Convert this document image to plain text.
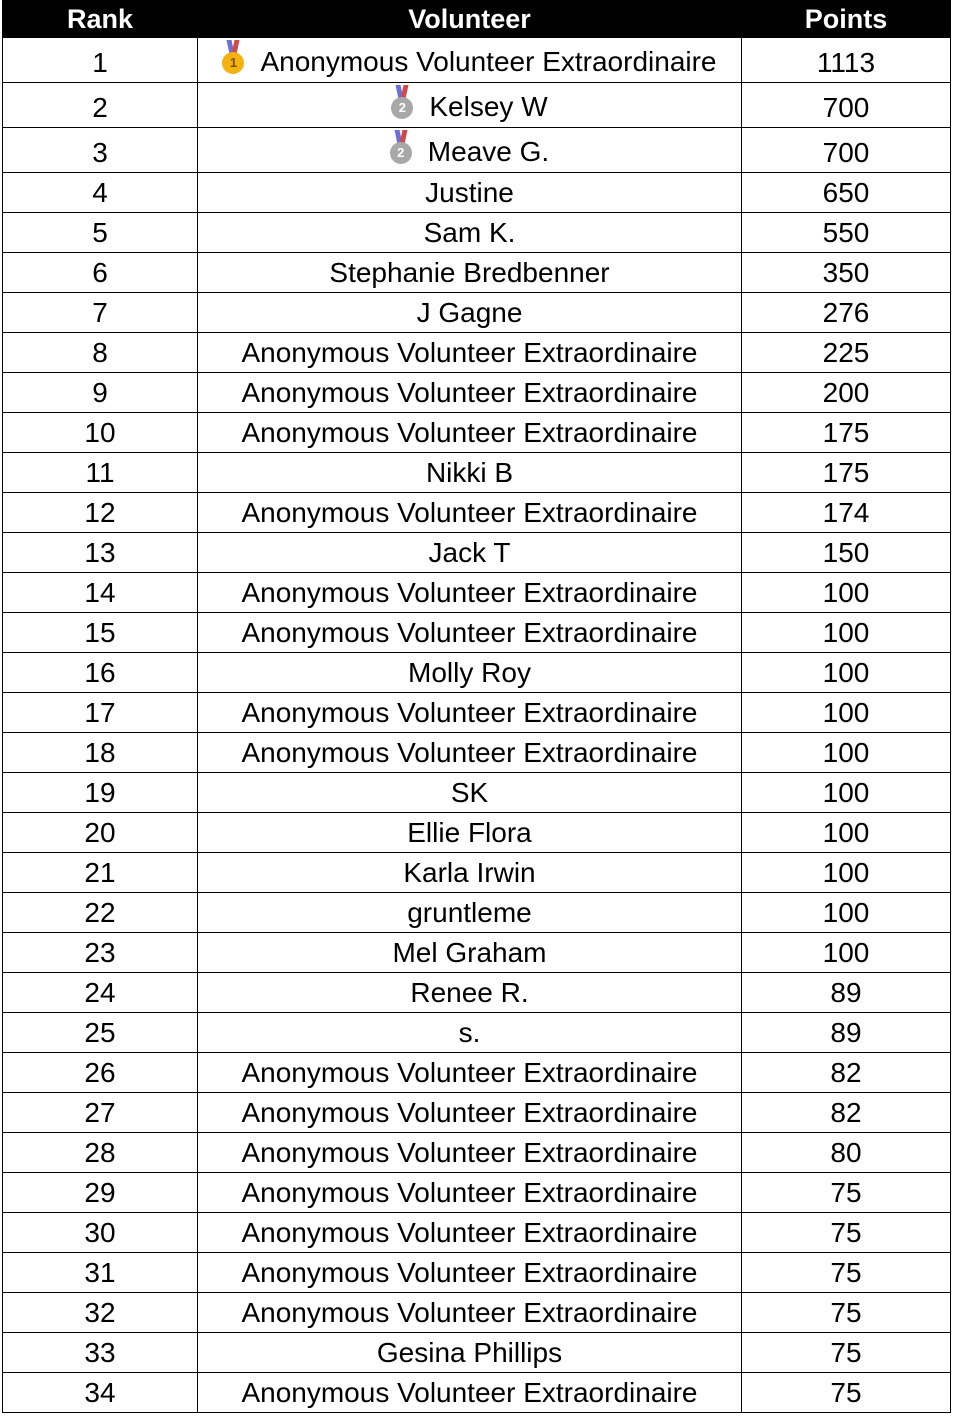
Rank	Volunteer	Points
1	1 Anonymous Volunteer Extraordinaire	1113
2	2 Kelsey W	700
3	2 Meave G.	700
4	Justine	650
5	Sam K.	550
6	Stephanie Bredbenner	350
7	J Gagne	276
8	Anonymous Volunteer Extraordinaire	225
9	Anonymous Volunteer Extraordinaire	200
10	Anonymous Volunteer Extraordinaire	175
11	Nikki B	175
12	Anonymous Volunteer Extraordinaire	174
13	Jack T	150
14	Anonymous Volunteer Extraordinaire	100
15	Anonymous Volunteer Extraordinaire	100
16	Molly Roy	100
17	Anonymous Volunteer Extraordinaire	100
18	Anonymous Volunteer Extraordinaire	100
19	SK	100
20	Ellie Flora	100
21	Karla Irwin	100
22	gruntleme	100
23	Mel Graham	100
24	Renee R.	89
25	s.	89
26	Anonymous Volunteer Extraordinaire	82
27	Anonymous Volunteer Extraordinaire	82
28	Anonymous Volunteer Extraordinaire	80
29	Anonymous Volunteer Extraordinaire	75
30	Anonymous Volunteer Extraordinaire	75
31	Anonymous Volunteer Extraordinaire	75
32	Anonymous Volunteer Extraordinaire	75
33	Gesina Phillips	75
34	Anonymous Volunteer Extraordinaire	75
